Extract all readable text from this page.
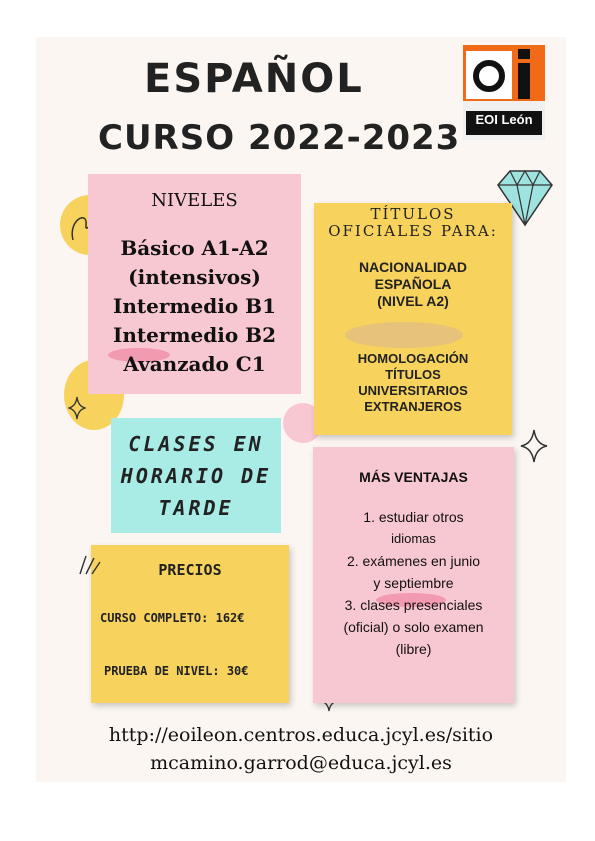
ESPAÑOL
CURSO 2022-2023	EOI León
NIVELES
Básico A1-A2
(intensivos)
Intermedio B1
Intermedio B2
Avanzado C1
TÍTULOS
OFICIALES PARA:
NACIONALIDAD
ESPAÑOLA
(NIVEL A2)
HOMOLOGACIÓN
TÍTULOS
UNIVERSITARIOS
EXTRANJEROS
CLASES EN
HORARIO DE
TARDE
MÁS VENTAJAS
1. estudiar otros
idiomas
2. exámenes en junio
y septiembre
3. clases presenciales
(oficial) o solo examen
(libre)
PRECIOS
CURSO COMPLETO: 162€
PRUEBA DE NIVEL: 30€
http://eoileon.centros.educa.jcyl.es/sitio
mcamino.garrod@educa.jcyl.es
